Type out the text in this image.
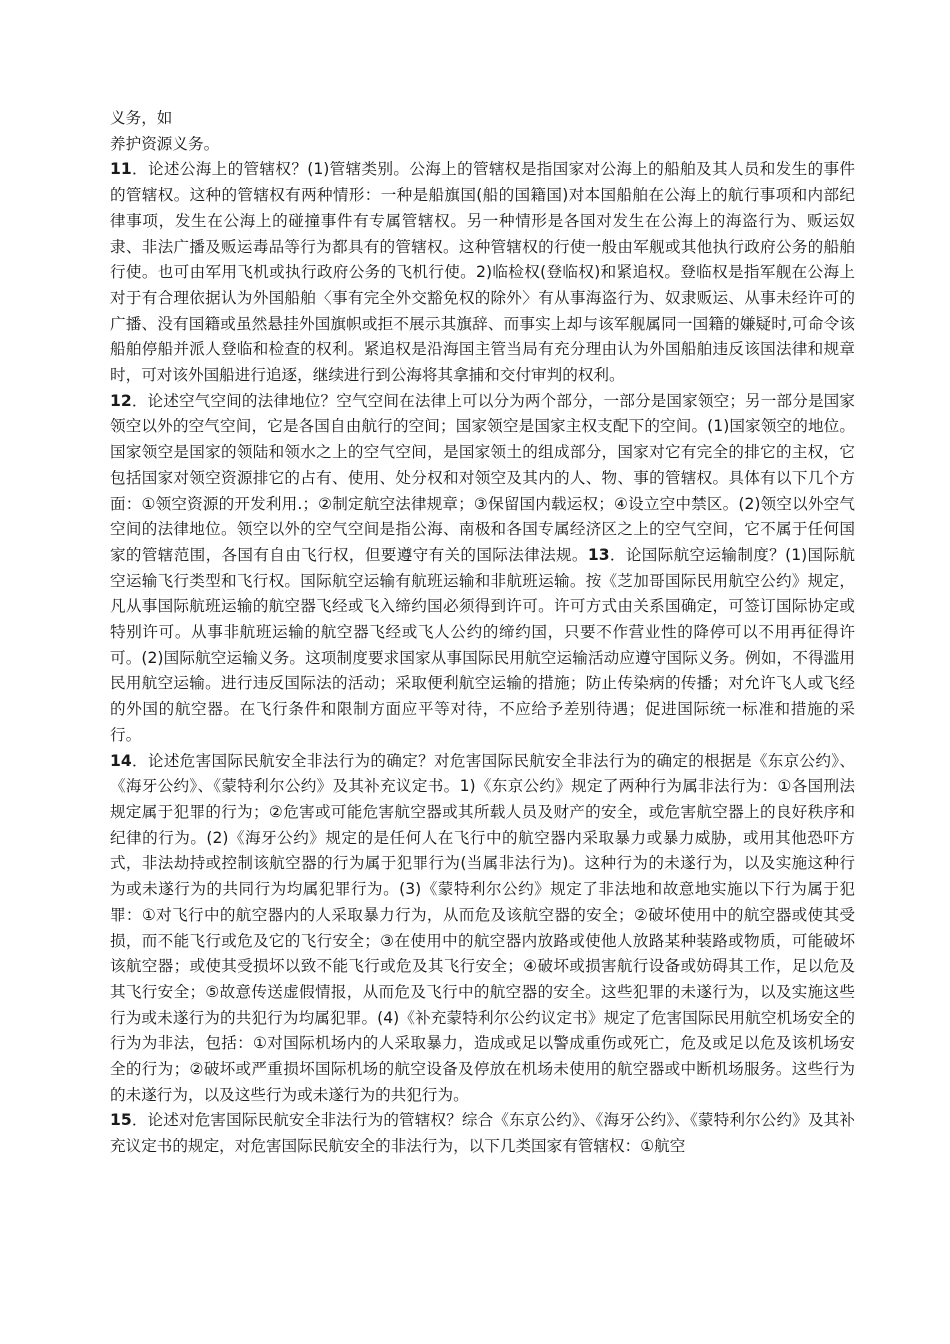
义务，如
养护资源义务。

11．论述公海上的管辖权？(1)管辖类别。公海上的管辖权是指国家对公海上的船舶及其人员和发生的事件的管辖权。这种的管辖权有两种情形：一种是船旗国(船的国籍国)对本国船舶在公海上的航行事项和内部纪律事项，发生在公海上的碰撞事件有专属管辖权。另一种情形是各国对发生在公海上的海盗行为、贩运奴隶、非法广播及贩运毒品等行为都具有的管辖权。这种管辖权的行使一般由军舰或其他执行政府公务的船舶行使。也可由军用飞机或执行政府公务的飞机行使。2)临检权(登临权)和紧追权。登临权是指军舰在公海上对于有合理依据认为外国船舶〈事有完全外交豁免权的除外〉有从事海盗行为、奴隶贩运、从事未经许可的广播、没有国籍或虽然悬挂外国旗帜或拒不展示其旗辞、而事实上却与该军舰属同一国籍的嫌疑时,可命令该船舶停船并派人登临和检查的权利。紧追权是沿海国主管当局有充分理由认为外国船舶违反该国法律和规章时，可对该外国船进行追逐，继续进行到公海将其拿捕和交付审判的权利。

12．论述空气空间的法律地位？空气空间在法律上可以分为两个部分，一部分是国家领空；另一部分是国家领空以外的空气空间，它是各国自由航行的空间；国家领空是国家主权支配下的空间。(1)国家领空的地位。国家领空是国家的领陆和领水之上的空气空间，是国家领土的组成部分，国家对它有完全的排它的主权，它包括国家对领空资源排它的占有、使用、处分权和对领空及其内的人、物、事的管辖权。具体有以下几个方面：①领空资源的开发利用.；②制定航空法律规章；③保留国内载运权；④设立空中禁区。(2)领空以外空气空间的法律地位。领空以外的空气空间是指公海、南极和各国专属经济区之上的空气空间，它不属于任何国家的管辖范围，各国有自由飞行权，但要遵守有关的国际法律法规。13．论国际航空运输制度？(1)国际航空运输飞行类型和飞行权。国际航空运输有航班运输和非航班运输。按《芝加哥国际民用航空公约》规定，凡从事国际航班运输的航空器飞经或飞入缔约国必须得到许可。许可方式由关系国确定，可签订国际协定或特别许可。从事非航班运输的航空器飞经或飞人公约的缔约国，只要不作营业性的降停可以不用再征得许可。(2)国际航空运输义务。这项制度要求国家从事国际民用航空运输活动应遵守国际义务。例如，不得滥用民用航空运输。进行违反国际法的活动；采取便利航空运输的措施；防止传染病的传播；对允许飞人或飞经的外国的航空器。在飞行条件和限制方面应平等对待，不应给予差别待遇；促进国际统一标准和措施的采行。

14．论述危害国际民航安全非法行为的确定？对危害国际民航安全非法行为的确定的根据是《东京公约》、《海牙公约》、《蒙特利尔公约》及其补充议定书。1)《东京公约》规定了两种行为属非法行为：①各国刑法规定属于犯罪的行为；②危害或可能危害航空器或其所载人员及财产的安全，或危害航空器上的良好秩序和纪律的行为。(2)《海牙公约》规定的是任何人在飞行中的航空器内采取暴力或暴力威胁，或用其他恐吓方式，非法劫持或控制该航空器的行为属于犯罪行为(当属非法行为)。这种行为的未遂行为，以及实施这种行为或未遂行为的共同行为均属犯罪行为。(3)《蒙特利尔公约》规定了非法地和故意地实施以下行为属于犯罪：①对飞行中的航空器内的人采取暴力行为，从而危及该航空器的安全；②破坏使用中的航空器或使其受损，而不能飞行或危及它的飞行安全；③在使用中的航空器内放路或使他人放路某种装路或物质，可能破坏该航空器；或使其受损坏以致不能飞行或危及其飞行安全；④破坏或损害航行设备或妨碍其工作，足以危及其飞行安全；⑤故意传送虚假情报，从而危及飞行中的航空器的安全。这些犯罪的未遂行为，以及实施这些行为或未遂行为的共犯行为均属犯罪。(4)《补充蒙特利尔公约议定书》规定了危害国际民用航空机场安全的行为为非法，包括：①对国际机场内的人采取暴力，造成或足以警成重伤或死亡，危及或足以危及该机场安全的行为；②破坏或严重损坏国际机场的航空设备及停放在机场未使用的航空器或中断机场服务。这些行为的未遂行为，以及这些行为或未遂行为的共犯行为。

15．论述对危害国际民航安全非法行为的管辖权？综合《东京公约》、《海牙公约》、《蒙特利尔公约》及其补充议定书的规定，对危害国际民航安全的非法行为，以下几类国家有管辖权：①航空
